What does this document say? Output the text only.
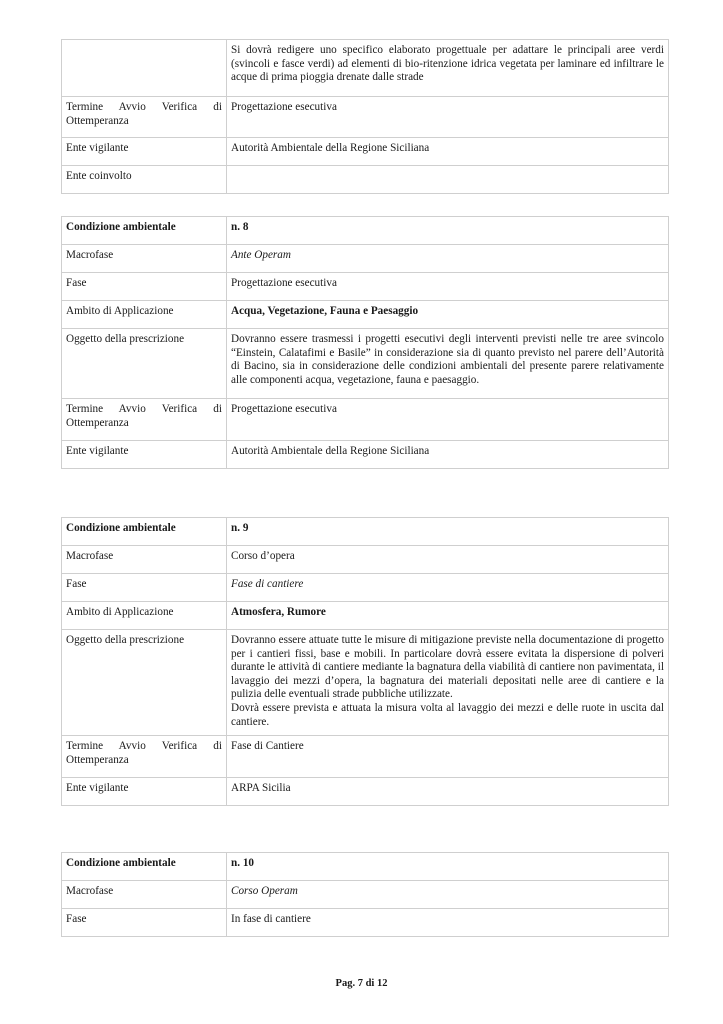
	Si dovrà redigere uno specifico elaborato progettuale per adattare le principali aree verdi (svincoli e fasce verdi) ad elementi di bio-ritenzione idrica vegetata per laminare ed infiltrare le acque di prima pioggia drenate dalle strade

Termine Avvio Verifica di
Ottemperanza	Progettazione esecutiva
Ente vigilante	Autorità Ambientale della Regione Siciliana
Ente coinvolto	
Condizione ambientale	n. 8
Macrofase	Ante Operam
Fase	Progettazione esecutiva
Ambito di Applicazione	Acqua, Vegetazione, Fauna e Paesaggio
Oggetto della prescrizione	Dovranno essere trasmessi i progetti esecutivi degli interventi previsti nelle tre aree svincolo “Einstein, Calatafimi e Basile” in considerazione sia di quanto previsto nel parere dell’Autorità di Bacino, sia in considerazione delle condizioni ambientali del presente parere relativamente alle componenti acqua, vegetazione, fauna e paesaggio.

Termine Avvio Verifica di
Ottemperanza	Progettazione esecutiva
Ente vigilante	Autorità Ambientale della Regione Siciliana
Condizione ambientale	n. 9
Macrofase	Corso d’opera
Fase	Fase di cantiere
Ambito di Applicazione	Atmosfera, Rumore
Oggetto della prescrizione	Dovranno essere attuate tutte le misure di mitigazione previste nella documentazione di progetto per i cantieri fissi, base e mobili. In particolare dovrà essere evitata la dispersione di polveri durante le attività di cantiere mediante la bagnatura della viabilità di cantiere non pavimentata, il lavaggio dei mezzi d’opera, la bagnatura dei materiali depositati nelle aree di cantiere e la pulizia delle eventuali strade pubbliche utilizzate.
Dovrà essere prevista e attuata la misura volta al lavaggio dei mezzi e delle ruote in uscita dal cantiere.

Termine Avvio Verifica di
Ottemperanza	Fase di Cantiere
Ente vigilante	ARPA Sicilia
Condizione ambientale	n. 10
Macrofase	Corso Operam
Fase	In fase di cantiere
Pag. 7 di 12
